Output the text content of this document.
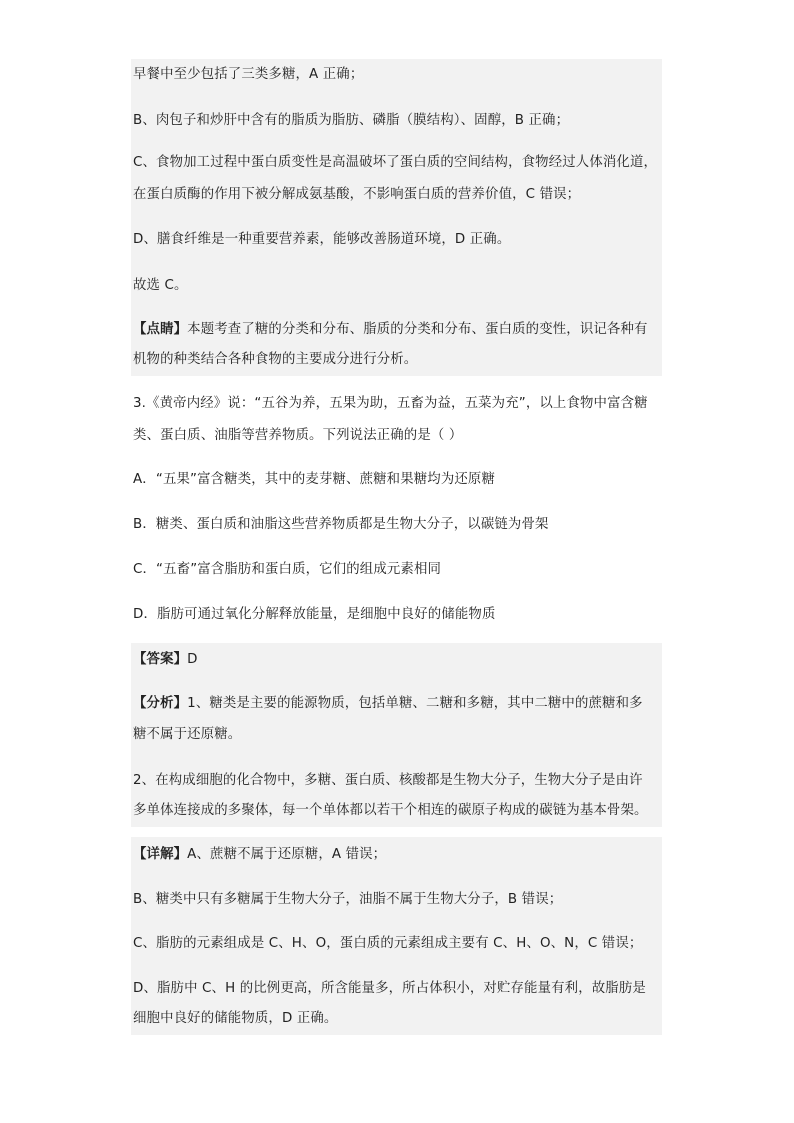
早餐中至少包括了三类多糖，A 正确；
B、肉包子和炒肝中含有的脂质为脂肪、磷脂（膜结构）、固醇，B 正确；
C、食物加工过程中蛋白质变性是高温破坏了蛋白质的空间结构，食物经过人体消化道，
在蛋白质酶的作用下被分解成氨基酸，不影响蛋白质的营养价值，C 错误；
D、膳食纤维是一种重要营养素，能够改善肠道环境，D 正确。
故选 C。
【点睛】本题考查了糖的分类和分布、脂质的分类和分布、蛋白质的变性，识记各种有
机物的种类结合各种食物的主要成分进行分析。
3.《黄帝内经》说：“五谷为养，五果为助，五畜为益，五菜为充”，以上食物中富含糖
类、蛋白质、油脂等营养物质。下列说法正确的是（ ）
A．“五果”富含糖类，其中的麦芽糖、蔗糖和果糖均为还原糖
B．糖类、蛋白质和油脂这些营养物质都是生物大分子，以碳链为骨架
C．“五畜”富含脂肪和蛋白质，它们的组成元素相同
D．脂肪可通过氧化分解释放能量，是细胞中良好的储能物质
【答案】D
【分析】1、糖类是主要的能源物质，包括单糖、二糖和多糖，其中二糖中的蔗糖和多
糖不属于还原糖。
2、在构成细胞的化合物中，多糖、蛋白质、核酸都是生物大分子，生物大分子是由许
多单体连接成的多聚体，每一个单体都以若干个相连的碳原子构成的碳链为基本骨架。
【详解】A、蔗糖不属于还原糖，A 错误；
B、糖类中只有多糖属于生物大分子，油脂不属于生物大分子，B 错误；
C、脂肪的元素组成是 C、H、O，蛋白质的元素组成主要有 C、H、O、N，C 错误；
D、脂肪中 C、H 的比例更高，所含能量多，所占体积小，对贮存能量有利，故脂肪是
细胞中良好的储能物质，D 正确。
